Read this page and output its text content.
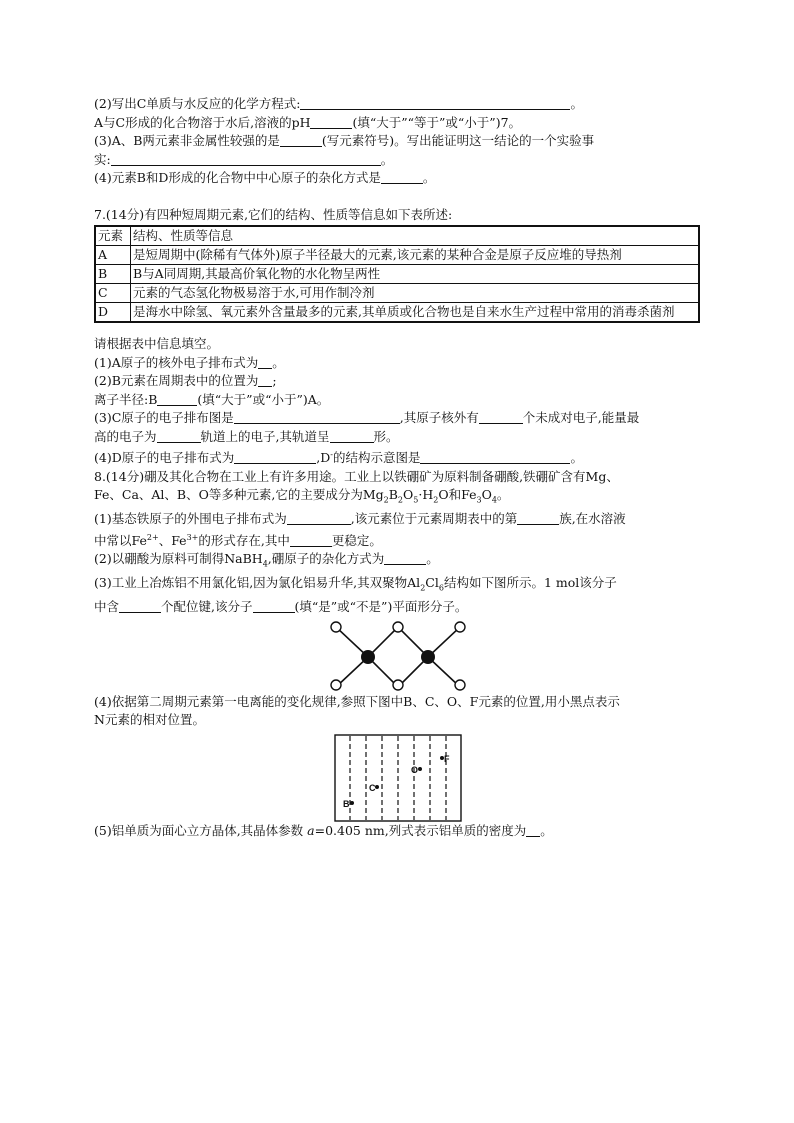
(2)写出C单质与水反应的化学方程式:	。
A与C形成的化合物溶于水后,溶液的pH	(填“大于”“等于”或“小于”)7。
(3)A、B两元素非金属性较强的是	(写元素符号)。写出能证明这一结论的一个实验事
实:	。
(4)元素B和D形成的化合物中中心原子的杂化方式是	。
7.(14分)有四种短周期元素,它们的结构、性质等信息如下表所述:
元素	结构、性质等信息
A	是短周期中(除稀有气体外)原子半径最大的元素,该元素的某种合金是原子反应堆的导热剂
B	B与A同周期,其最高价氧化物的水化物呈两性
C	元素的气态氢化物极易溶于水,可用作制冷剂
D	是海水中除氢、氧元素外含量最多的元素,其单质或化合物也是自来水生产过程中常用的消毒杀菌剂
请根据表中信息填空。
(1)A原子的核外电子排布式为 。
(2)B元素在周期表中的位置为 ;
离子半径:B	(填“大于”或“小于”)A。
(3)C原子的电子排布图是	,其原子核外有	个未成对电子,能量最
高的电子为	轨道上的电子,其轨道呈	形。
(4)D原子的电子排布式为	,D-的结构示意图是	。
8.(14分)硼及其化合物在工业上有许多用途。工业上以铁硼矿为原料制备硼酸,铁硼矿含有Mg、
Fe、Ca、Al、B、O等多种元素,它的主要成分为$Mg_2B_2O_5\cdot H_2O$和$Fe_3O_4$。
(1)基态铁原子的外围电子排布式为	,该元素位于元素周期表中的第	族,在水溶液
中常以$Fe^{2+}$、$Fe^{3+}$的形式存在,其中	更稳定。
(2)以硼酸为原料可制得NaBH$_4$,硼原子的杂化方式为	。
(3)工业上冶炼铝不用氯化铝,因为氯化铝易升华,其双聚物$Al_2Cl_6$结构如下图所示。1 mol该分子
中含	个配位键,该分子	(填“是”或“不是”)平面形分子。
(4)依据第二周期元素第一电离能的变化规律,参照下图中B、C、O、F元素的位置,用小黑点表示
N元素的相对位置。
B
C
O
F
(5)铝单质为面心立方晶体,其晶体参数 a=0.405 nm,列式表示铝单质的密度为 。
